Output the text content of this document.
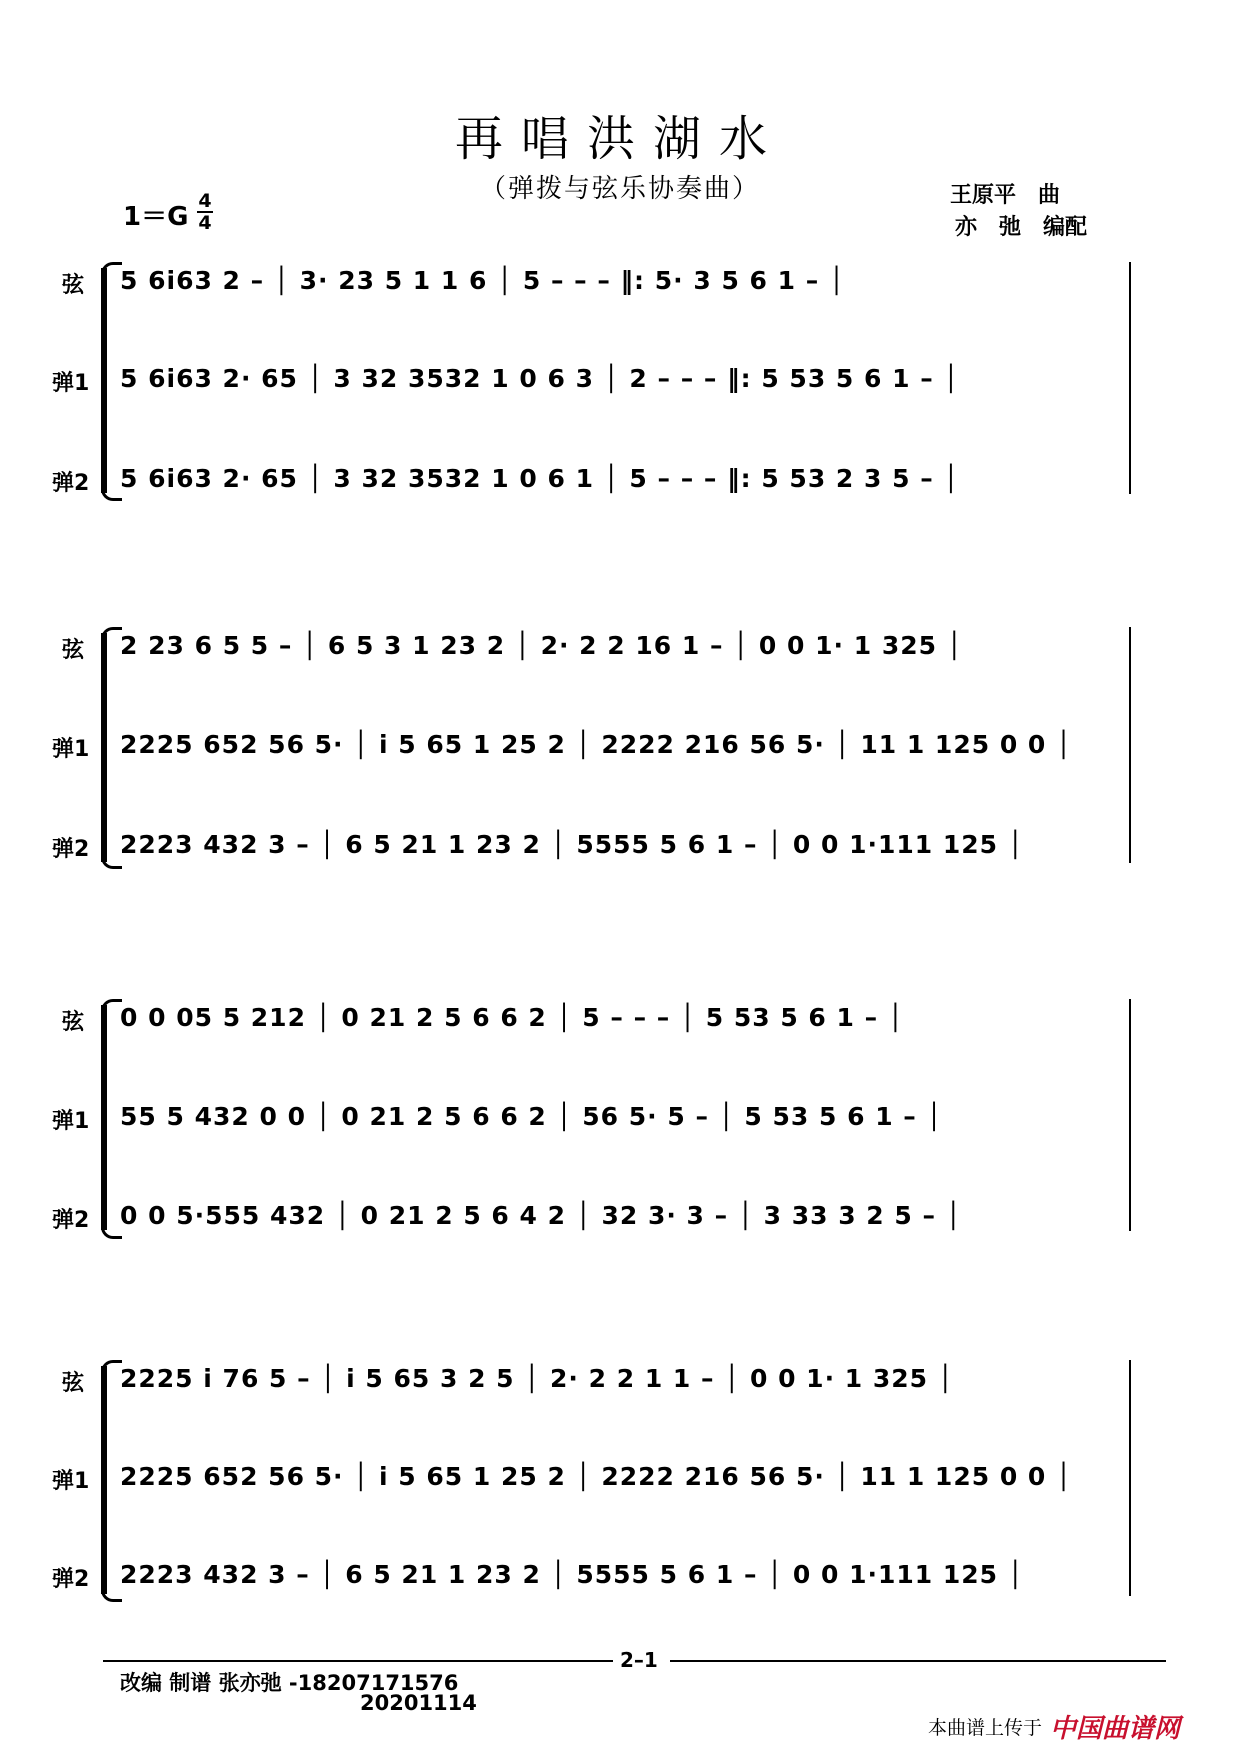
再唱洪湖水
（弹拨与弦乐协奏曲）
1＝G
4
4
王原平　曲
亦　弛　编配
弦
弹1
弹2
5 6i63 2 – │ 3· 23 5 1 1 6 │ 5 – – – ‖: 5· 3 5 6 1 – │
5 6i63 2· 65 │ 3 32 3532 1 0 6 3 │ 2 – – – ‖: 5 53 5 6 1 – │
5 6i63 2· 65 │ 3 32 3532 1 0 6 1 │ 5 – – – ‖: 5 53 2 3 5 – │
弦
弹1
弹2
2 23 6 5 5 – │ 6 5 3 1 23 2 │ 2· 2 2 16 1 – │ 0 0 1· 1 325 │
2225 652 56 5· │ i 5 65 1 25 2 │ 2222 216 56 5· │ 11 1 125 0 0 │
2223 432 3 – │ 6 5 21 1 23 2 │ 5555 5 6 1 – │ 0 0 1·111 125 │
弦
弹1
弹2
0 0 05 5 212 │ 0 21 2 5 6 6 2 │ 5 – – – │ 5 53 5 6 1 – │
55 5 432 0 0 │ 0 21 2 5 6 6 2 │ 56 5· 5 – │ 5 53 5 6 1 – │
0 0 5·555 432 │ 0 21 2 5 6 4 2 │ 32 3· 3 – │ 3 33 3 2 5 – │
弦
弹1
弹2
2225 i 76 5 – │ i 5 65 3 2 5 │ 2· 2 2 1 1 – │ 0 0 1· 1 325 │
2225 652 56 5· │ i 5 65 1 25 2 │ 2222 216 56 5· │ 11 1 125 0 0 │
2223 432 3 – │ 6 5 21 1 23 2 │ 5555 5 6 1 – │ 0 0 1·111 125 │
2–1
改编 制谱 张亦弛 -18207171576
20201114
本曲谱上传于 中国曲谱网
